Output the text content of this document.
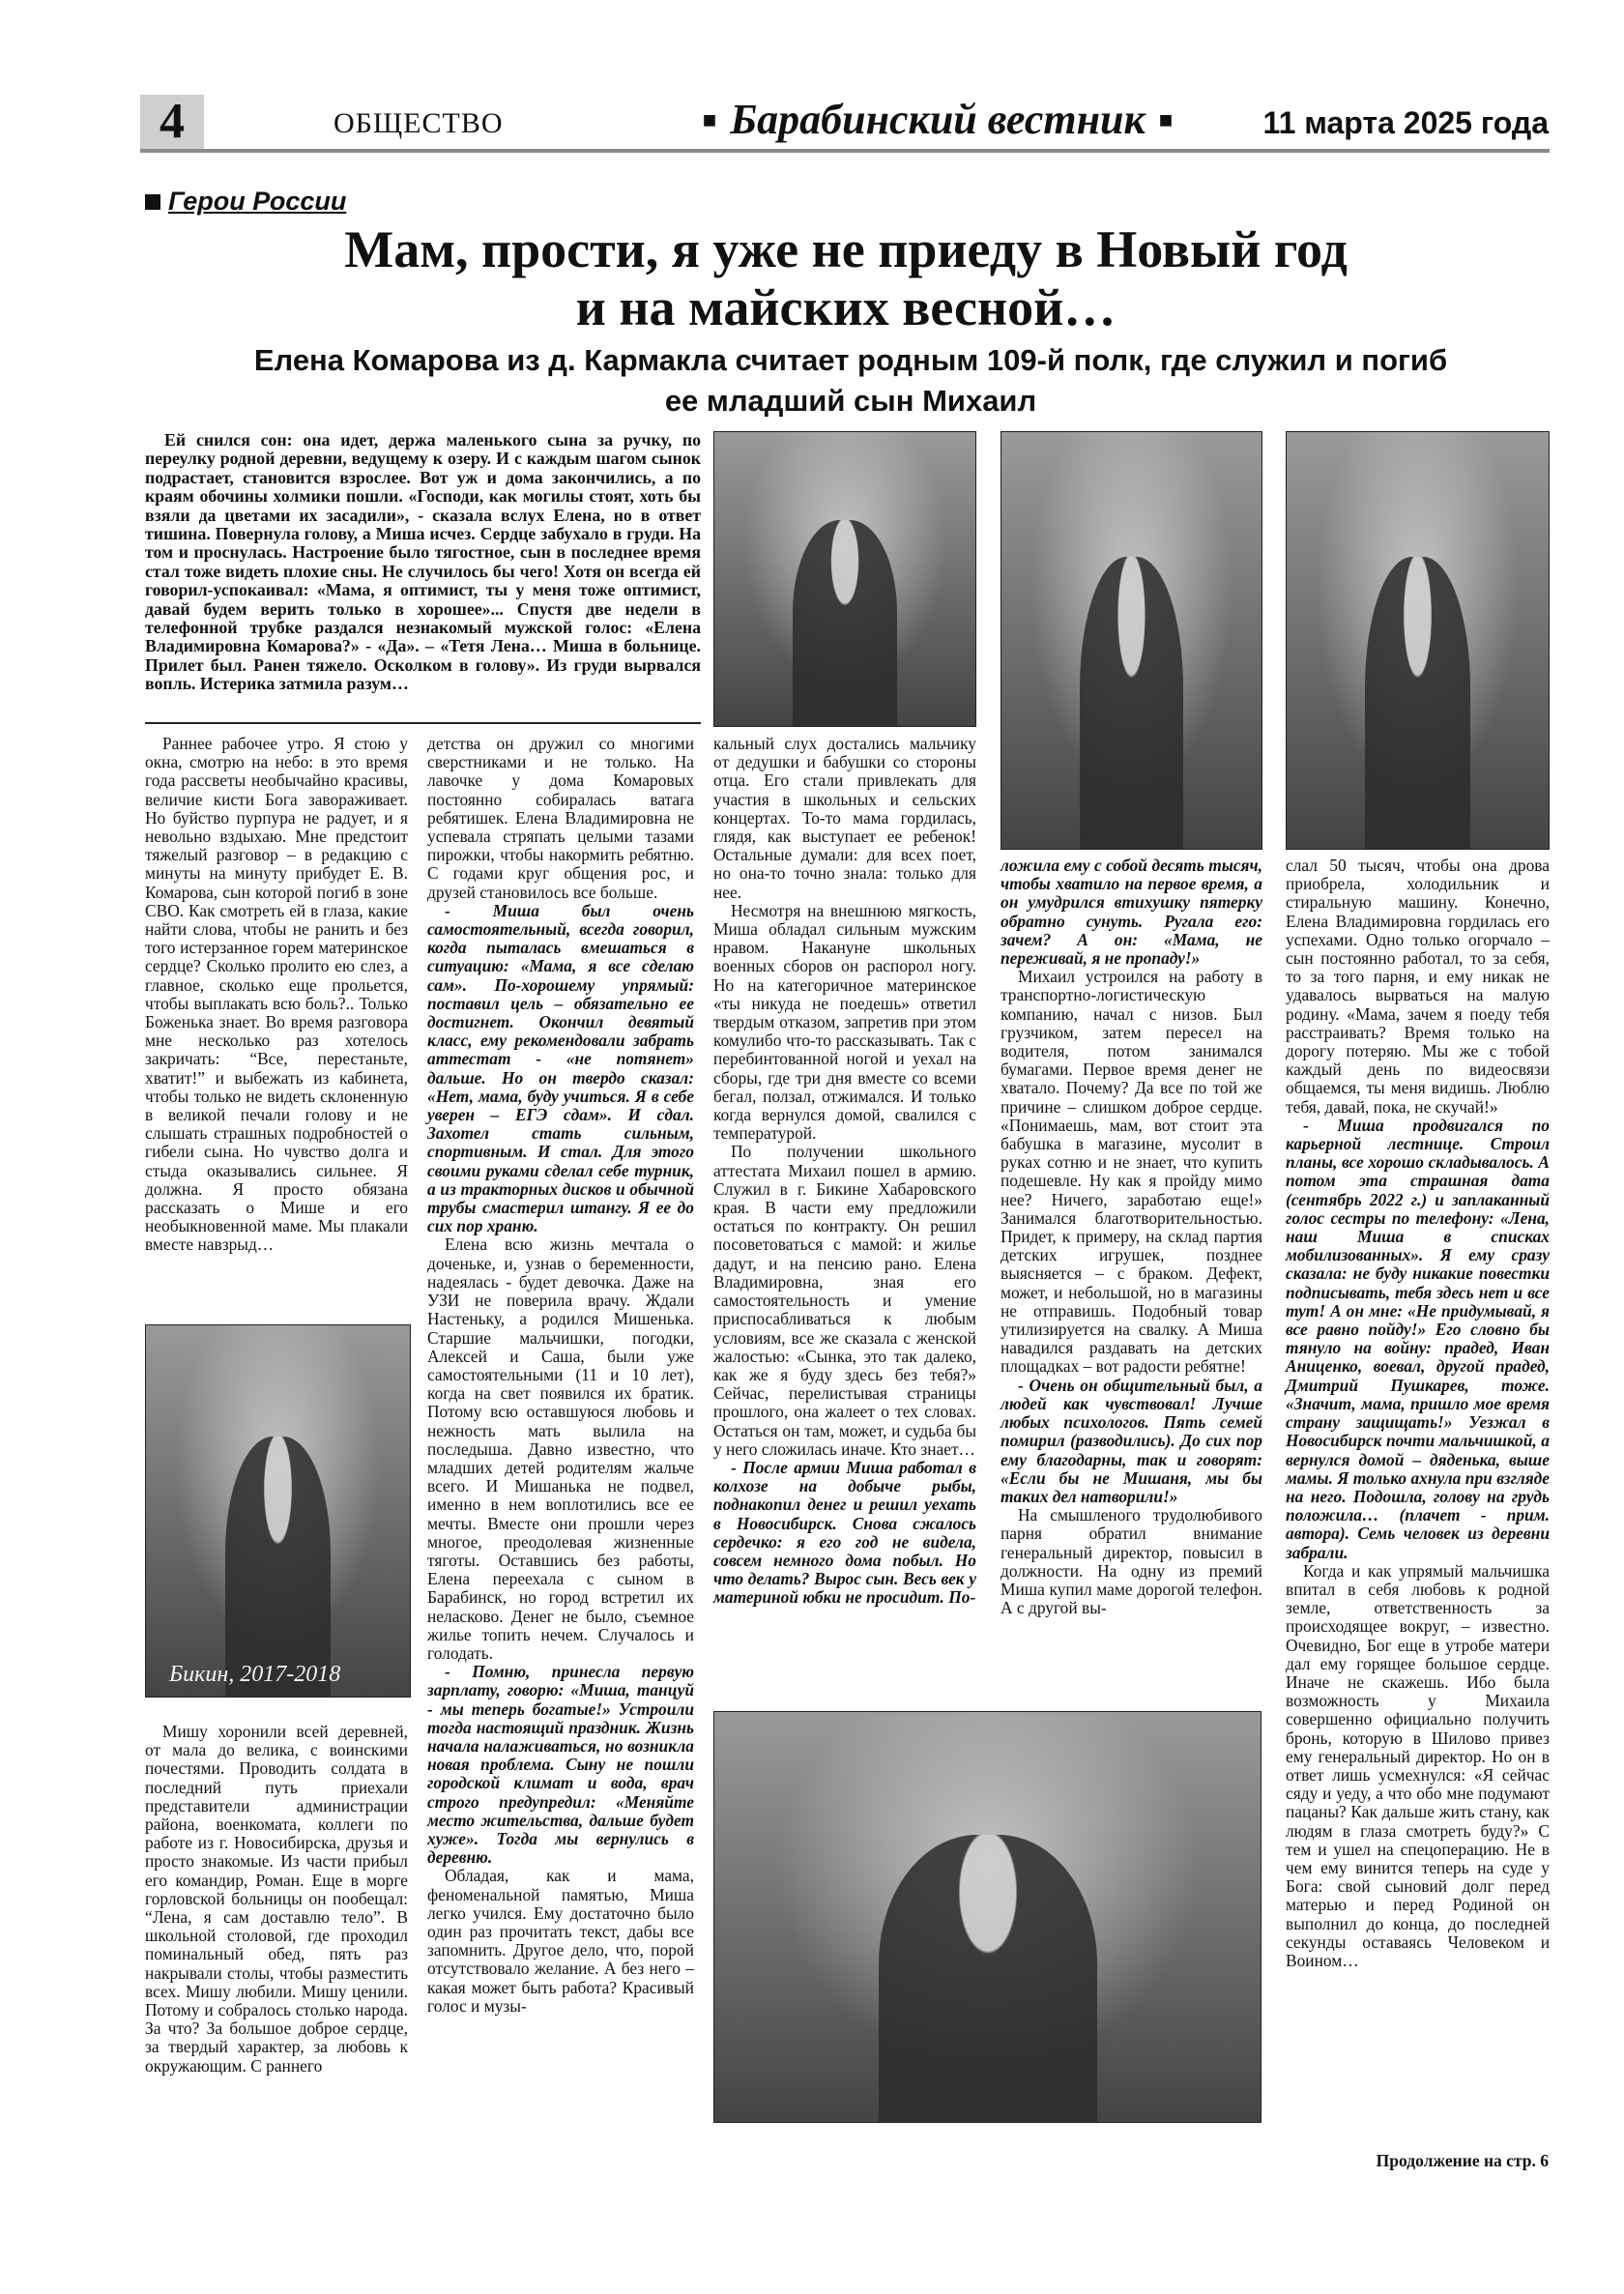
4	ОБЩЕСТВО	■ Барабинский вестник ■	11 марта 2025 года
Герои России
Мам, прости, я уже не приеду в Новый год
и на майских весной…
Елена Комарова из д. Кармакла считает родным 109-й полк, где служил и погиб
ее младший сын Михаил

Ей снился сон: она идет, держа маленького сына за ручку, по переулку родной деревни, ведущему к озеру. И с каждым шагом сынок подрастает, становится взрослее. Вот уж и дома закончились, а по краям обочины холмики пошли. «Господи, как могилы стоят, хоть бы взяли да цветами их засадили», - сказала вслух Елена, но в ответ тишина. Повернула голову, а Миша исчез. Сердце забухало в груди. На том и проснулась. Настроение было тягостное, сын в последнее время стал тоже видеть плохие сны. Не случилось бы чего! Хотя он всегда ей говорил-успокаивал: «Мама, я оптимист, ты у меня тоже оптимист, давай будем верить только в хорошее»... Спустя две недели в телефонной трубке раздался незнакомый мужской голос: «Елена Владимировна Комарова?» - «Да». – «Тетя Лена… Миша в больнице. Прилет был. Ранен тяжело. Осколком в голову». Из груди вырвался вопль. Истерика затмила разум…

Бикин, 2017-2018

Раннее рабочее утро. Я стою у окна, смотрю на небо: в это время года рассветы необычайно красивы, величие кисти Бога завораживает. Но буйство пурпура не радует, и я невольно вздыхаю. Мне предстоит тяжелый разговор – в редакцию с минуты на минуту прибудет Е. В. Комарова, сын которой погиб в зоне СВО. Как смотреть ей в глаза, какие найти слова, чтобы не ранить и без того истерзанное горем материнское сердце? Сколько пролито ею слез, а главное, сколько еще прольется, чтобы выплакать всю боль?.. Только Боженька знает. Во время разговора мне несколько раз хотелось закричать: “Все, перестаньте, хватит!” и выбежать из кабинета, чтобы только не видеть склоненную в великой печали голову и не слышать страшных подробностей о гибели сына. Но чувство долга и стыда оказывались сильнее. Я должна. Я просто обязана рассказать о Мише и его необыкновенной маме. Мы плакали вместе навзрыд…

Мишу хоронили всей деревней, от мала до велика, с воинскими почестями. Проводить солдата в последний путь приехали представители администрации района, военкомата, коллеги по работе из г. Новосибирска, друзья и просто знакомые. Из части прибыл его командир, Роман. Еще в морге горловской больницы он пообещал: “Лена, я сам доставлю тело”. В школьной столовой, где проходил поминальный обед, пять раз накрывали столы, чтобы разместить всех. Мишу любили. Мишу ценили. Потому и собралось столько народа. За что? За большое доброе сердце, за твердый характер, за любовь к окружающим. С раннего

детства он дружил со многими сверстниками и не только. На лавочке у дома Комаровых постоянно собиралась ватага ребятишек. Елена Владимировна не успевала стряпать целыми тазами пирожки, чтобы накормить ребятню. С годами круг общения рос, и друзей становилось все больше.

- Миша был очень самостоятельный, всегда говорил, когда пыталась вмешаться в ситуацию: «Мама, я все сделаю сам». По-хорошему упрямый: поставил цель – обязательно ее достигнет. Окончил девятый класс, ему рекомендовали забрать аттестат - «не потянет» дальше. Но он твердо сказал: «Нет, мама, буду учиться. Я в себе уверен – ЕГЭ сдам». И сдал. Захотел стать сильным, спортивным. И стал. Для этого своими руками сделал себе турник, а из тракторных дисков и обычной трубы смастерил штангу. Я ее до сих пор храню.

Елена всю жизнь мечтала о доченьке, и, узнав о беременности, надеялась - будет девочка. Даже на УЗИ не поверила врачу. Ждали Настеньку, а родился Мишенька. Старшие мальчишки, погодки, Алексей и Саша, были уже самостоятельными (11 и 10 лет), когда на свет появился их братик. Потому всю оставшуюся любовь и нежность мать вылила на последыша. Давно известно, что младших детей родителям жальче всего. И Мишанька не подвел, именно в нем воплотились все ее мечты. Вместе они прошли через многое, преодолевая жизненные тяготы. Оставшись без работы, Елена переехала с сыном в Барабинск, но город встретил их неласково. Денег не было, съемное жилье топить нечем. Случалось и голодать.

- Помню, принесла первую зарплату, говорю: «Миша, танцуй - мы теперь богатые!» Устроили тогда настоящий праздник. Жизнь начала налаживаться, но возникла новая проблема. Сыну не пошли городской климат и вода, врач строго предупредил: «Меняйте место жительства, дальше будет хуже». Тогда мы вернулись в деревню.

Обладая, как и мама, феноменальной памятью, Миша легко учился. Ему достаточно было один раз прочитать текст, дабы все запомнить. Другое дело, что, порой отсутствовало желание. А без него – какая может быть работа? Красивый голос и музы-

кальный слух достались мальчику от дедушки и бабушки со стороны отца. Его стали привлекать для участия в школьных и сельских концертах. То-то мама гордилась, глядя, как выступает ее ребенок! Остальные думали: для всех поет, но она-то точно знала: только для нее.

Несмотря на внешнюю мягкость, Миша обладал сильным мужским нравом. Накануне школьных военных сборов он распорол ногу. Но на категоричное материнское «ты никуда не поедешь» ответил твердым отказом, запретив при этом комулибо что-то рассказывать. Так с перебинтованной ногой и уехал на сборы, где три дня вместе со всеми бегал, ползал, отжимался. И только когда вернулся домой, свалился с температурой.

По получении школьного аттестата Михаил пошел в армию. Служил в г. Бикине Хабаровского края. В части ему предложили остаться по контракту. Он решил посоветоваться с мамой: и жилье дадут, и на пенсию рано. Елена Владимировна, зная его самостоятельность и умение приспосабливаться к любым условиям, все же сказала с женской жалостью: «Сынка, это так далеко, как же я буду здесь без тебя?» Сейчас, перелистывая страницы прошлого, она жалеет о тех словах. Остаться он там, может, и судьба бы у него сложилась иначе. Кто знает…

- После армии Миша работал в колхозе на добыче рыбы, поднакопил денег и решил уехать в Новосибирск. Снова сжалось сердечко: я его год не видела, совсем немного дома побыл. Но что делать? Вырос сын. Весь век у материной юбки не просидит. По-

ложила ему с собой десять тысяч, чтобы хватило на первое время, а он умудрился втихушку пятерку обратно сунуть. Ругала его: зачем? А он: «Мама, не переживай, я не пропаду!»

Михаил устроился на работу в транспортно-логистическую компанию, начал с низов. Был грузчиком, затем пересел на водителя, потом занимался бумагами. Первое время денег не хватало. Почему? Да все по той же причине – слишком доброе сердце. «Понимаешь, мам, вот стоит эта бабушка в магазине, мусолит в руках сотню и не знает, что купить подешевле. Ну как я пройду мимо нее? Ничего, заработаю еще!» Занимался благотворительностью. Придет, к примеру, на склад партия детских игрушек, позднее выясняется – с браком. Дефект, может, и небольшой, но в магазины не отправишь. Подобный товар утилизируется на свалку. А Миша навадился раздавать на детских площадках – вот радости ребятне!

- Очень он общительный был, а людей как чувствовал! Лучше любых психологов. Пять семей помирил (разводились). До сих пор ему благодарны, так и говорят: «Если бы не Мишаня, мы бы таких дел натворили!»

На смышленого трудолюбивого парня обратил внимание генеральный директор, повысил в должности. На одну из премий Миша купил маме дорогой телефон. А с другой вы-

слал 50 тысяч, чтобы она дрова приобрела, холодильник и стиральную машину. Конечно, Елена Владимировна гордилась его успехами. Одно только огорчало – сын постоянно работал, то за себя, то за того парня, и ему никак не удавалось вырваться на малую родину. «Мама, зачем я поеду тебя расстраивать? Время только на дорогу потеряю. Мы же с тобой каждый день по видеосвязи общаемся, ты меня видишь. Люблю тебя, давай, пока, не скучай!»

- Миша продвигался по карьерной лестнице. Строил планы, все хорошо складывалось. А потом эта страшная дата (сентябрь 2022 г.) и заплаканный голос сестры по телефону: «Лена, наш Миша в списках мобилизованных». Я ему сразу сказала: не буду никакие повестки подписывать, тебя здесь нет и все тут! А он мне: «Не придумывай, я все равно пойду!» Его словно бы тянуло на войну: прадед, Иван Аниценко, воевал, другой прадед, Дмитрий Пушкарев, тоже. «Значит, мама, пришло мое время страну защищать!» Уезжал в Новосибирск почти мальчишкой, а вернулся домой – дяденька, выше мамы. Я только ахнула при взгляде на него. Подошла, голову на грудь положила… (плачет - прим. автора). Семь человек из деревни забрали.

Когда и как упрямый мальчишка впитал в себя любовь к родной земле, ответственность за происходящее вокруг, – известно. Очевидно, Бог еще в утробе матери дал ему горящее большое сердце. Иначе не скажешь. Ибо была возможность у Михаила совершенно официально получить бронь, которую в Шилово привез ему генеральный директор. Но он в ответ лишь усмехнулся: «Я сейчас сяду и уеду, а что обо мне подумают пацаны? Как дальше жить стану, как людям в глаза смотреть буду?» С тем и ушел на спецоперацию. Не в чем ему винится теперь на суде у Бога: свой сыновий долг перед матерью и перед Родиной он выполнил до конца, до последней секунды оставаясь Человеком и Воином…

Продолжение на стр. 6
